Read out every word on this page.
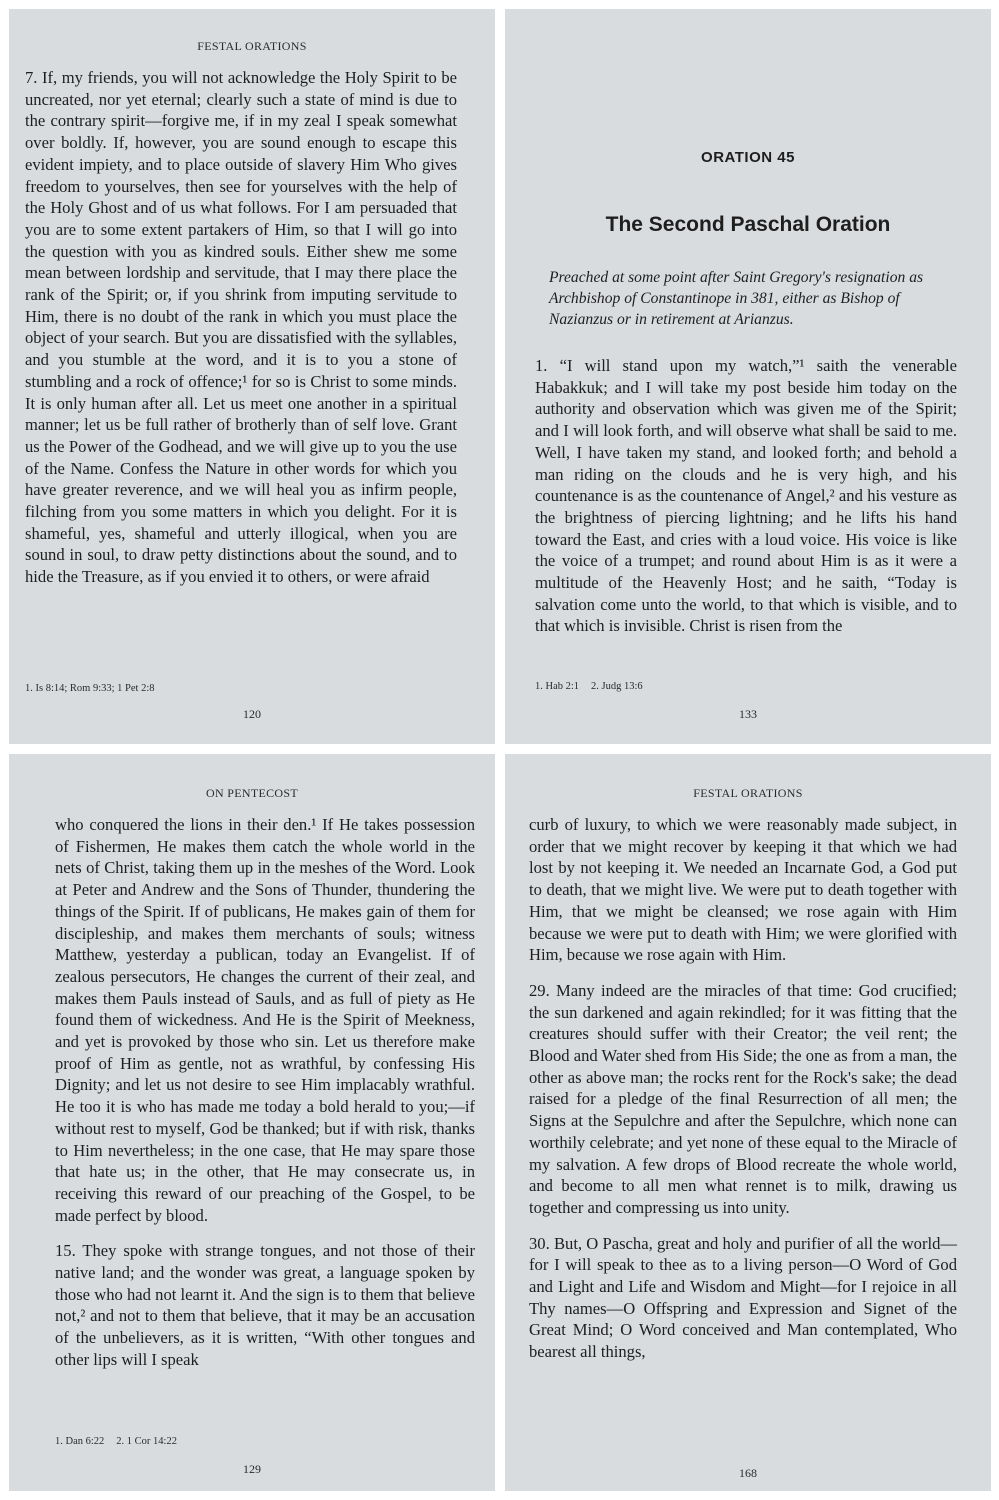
FESTAL ORATIONS

7. If, my friends, you will not acknowledge the Holy Spirit to be uncreated, nor yet eternal; clearly such a state of mind is due to the contrary spirit—forgive me, if in my zeal I speak somewhat over boldly. If, however, you are sound enough to escape this evident impiety, and to place outside of slavery Him Who gives freedom to yourselves, then see for yourselves with the help of the Holy Ghost and of us what follows. For I am persuaded that you are to some extent partakers of Him, so that I will go into the question with you as kindred souls. Either shew me some mean between lordship and servitude, that I may there place the rank of the Spirit; or, if you shrink from imputing servitude to Him, there is no doubt of the rank in which you must place the object of your search. But you are dissatisfied with the syllables, and you stumble at the word, and it is to you a stone of stumbling and a rock of offence;¹ for so is Christ to some minds. It is only human after all. Let us meet one another in a spiritual manner; let us be full rather of brotherly than of self love. Grant us the Power of the Godhead, and we will give up to you the use of the Name. Confess the Nature in other words for which you have greater reverence, and we will heal you as infirm people, filching from you some matters in which you delight. For it is shameful, yes, shameful and utterly illogical, when you are sound in soul, to draw petty distinctions about the sound, and to hide the Treasure, as if you envied it to others, or were afraid

1. Is 8:14; Rom 9:33; 1 Pet 2:8
120
ORATION 45
The Second Paschal Oration
Preached at some point after Saint Gregory's resignation as Archbishop of Constantinope in 381, either as Bishop of Nazianzus or in retirement at Arianzus.

1. “I will stand upon my watch,”¹ saith the venerable Habakkuk; and I will take my post beside him today on the authority and observation which was given me of the Spirit; and I will look forth, and will observe what shall be said to me. Well, I have taken my stand, and looked forth; and behold a man riding on the clouds and he is very high, and his countenance is as the countenance of Angel,² and his vesture as the brightness of piercing lightning; and he lifts his hand toward the East, and cries with a loud voice. His voice is like the voice of a trumpet; and round about Him is as it were a multitude of the Heavenly Host; and he saith, “Today is salvation come unto the world, to that which is visible, and to that which is invisible. Christ is risen from the

1. Hab 2:1 2. Judg 13:6
133
ON PENTECOST

who conquered the lions in their den.¹ If He takes possession of Fishermen, He makes them catch the whole world in the nets of Christ, taking them up in the meshes of the Word. Look at Peter and Andrew and the Sons of Thunder, thundering the things of the Spirit. If of publicans, He makes gain of them for discipleship, and makes them merchants of souls; witness Matthew, yesterday a publican, today an Evangelist. If of zealous persecutors, He changes the current of their zeal, and makes them Pauls instead of Sauls, and as full of piety as He found them of wickedness. And He is the Spirit of Meekness, and yet is provoked by those who sin. Let us therefore make proof of Him as gentle, not as wrathful, by confessing His Dignity; and let us not desire to see Him implacably wrathful. He too it is who has made me today a bold herald to you;—if without rest to myself, God be thanked; but if with risk, thanks to Him nevertheless; in the one case, that He may spare those that hate us; in the other, that He may consecrate us, in receiving this reward of our preaching of the Gospel, to be made perfect by blood.

15. They spoke with strange tongues, and not those of their native land; and the wonder was great, a language spoken by those who had not learnt it. And the sign is to them that believe not,² and not to them that believe, that it may be an accusation of the unbelievers, as it is written, “With other tongues and other lips will I speak

1. Dan 6:22 2. 1 Cor 14:22
129
FESTAL ORATIONS

curb of luxury, to which we were reasonably made subject, in order that we might recover by keeping it that which we had lost by not keeping it. We needed an Incarnate God, a God put to death, that we might live. We were put to death together with Him, that we might be cleansed; we rose again with Him because we were put to death with Him; we were glorified with Him, because we rose again with Him.

29. Many indeed are the miracles of that time: God crucified; the sun darkened and again rekindled; for it was fitting that the creatures should suffer with their Creator; the veil rent; the Blood and Water shed from His Side; the one as from a man, the other as above man; the rocks rent for the Rock's sake; the dead raised for a pledge of the final Resurrection of all men; the Signs at the Sepulchre and after the Sepulchre, which none can worthily celebrate; and yet none of these equal to the Miracle of my salvation. A few drops of Blood recreate the whole world, and become to all men what rennet is to milk, drawing us together and compressing us into unity.

30. But, O Pascha, great and holy and purifier of all the world—for I will speak to thee as to a living person—O Word of God and Light and Life and Wisdom and Might—for I rejoice in all Thy names—O Offspring and Expression and Signet of the Great Mind; O Word conceived and Man contemplated, Who bearest all things,

168
